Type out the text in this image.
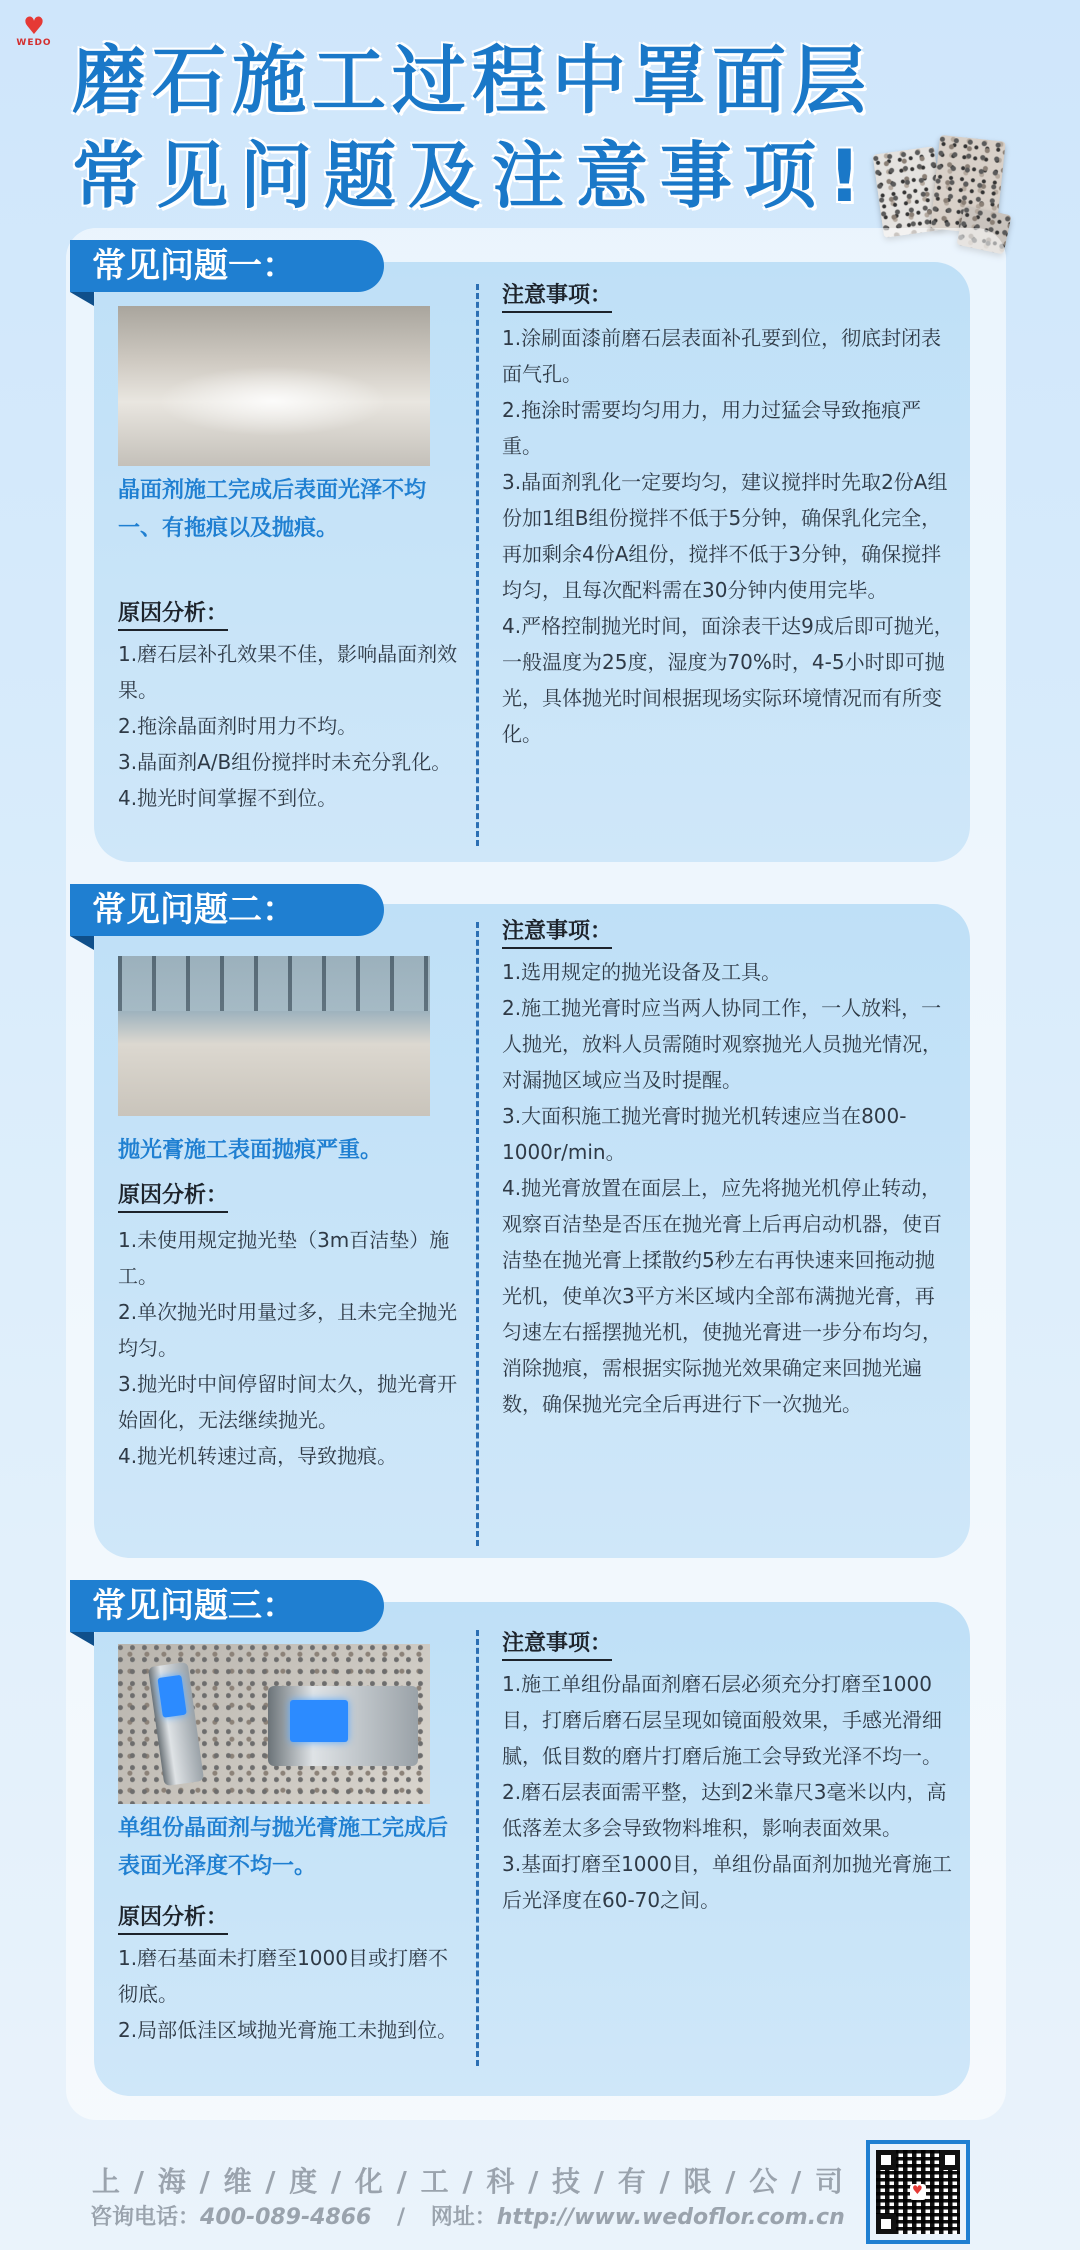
♥
WEDO 磨石施工过程中罩面层
常见问题及注意事项!
常见问题一：
晶面剂施工完成后表面光泽不均一、有拖痕以及抛痕。
原因分析：

1.磨石层补孔效果不佳，影响晶面剂效果。

2.拖涂晶面剂时用力不均。

3.晶面剂A/B组份搅拌时未充分乳化。

4.抛光时间掌握不到位。

注意事项：

1.涂刷面漆前磨石层表面补孔要到位，彻底封闭表面气孔。

2.拖涂时需要均匀用力，用力过猛会导致拖痕严重。

3.晶面剂乳化一定要均匀，建议搅拌时先取2份A组份加1组B组份搅拌不低于5分钟，确保乳化完全，再加剩余4份A组份，搅拌不低于3分钟，确保搅拌均匀，且每次配料需在30分钟内使用完毕。

4.严格控制抛光时间，面涂表干达9成后即可抛光，一般温度为25度，湿度为70%时，4-5小时即可抛光，具体抛光时间根据现场实际环境情况而有所变化。

常见问题二：
抛光膏施工表面抛痕严重。
原因分析：

1.未使用规定抛光垫（3m百洁垫）施工。

2.单次抛光时用量过多，且未完全抛光均匀。

3.抛光时中间停留时间太久，抛光膏开始固化，无法继续抛光。

4.抛光机转速过高，导致抛痕。

注意事项：

1.选用规定的抛光设备及工具。

2.施工抛光膏时应当两人协同工作，一人放料，一人抛光，放料人员需随时观察抛光人员抛光情况，对漏抛区域应当及时提醒。

3.大面积施工抛光膏时抛光机转速应当在800-1000r/min。

4.抛光膏放置在面层上，应先将抛光机停止转动，观察百洁垫是否压在抛光膏上后再启动机器，使百洁垫在抛光膏上揉散约5秒左右再快速来回拖动抛光机，使单次3平方米区域内全部布满抛光膏，再匀速左右摇摆抛光机，使抛光膏进一步分布均匀，消除抛痕，需根据实际抛光效果确定来回抛光遍数，确保抛光完全后再进行下一次抛光。

常见问题三：
单组份晶面剂与抛光膏施工完成后表面光泽度不均一。
原因分析：

1.磨石基面未打磨至1000目或打磨不彻底。

2.局部低洼区域抛光膏施工未抛到位。

注意事项：

1.施工单组份晶面剂磨石层必须充分打磨至1000目，打磨后磨石层呈现如镜面般效果，手感光滑细腻，低目数的磨片打磨后施工会导致光泽不均一。

2.磨石层表面需平整，达到2米靠尺3毫米以内，高低落差太多会导致物料堆积，影响表面效果。

3.基面打磨至1000目，单组份晶面剂加抛光膏施工后光泽度在60-70之间。

上 / 海 / 维 / 度 / 化 / 工 / 科 / 技 / 有 / 限 / 公 / 司
咨询电话：400-089-4866 / 网址：http://www.wedoflor.com.cn
♥
